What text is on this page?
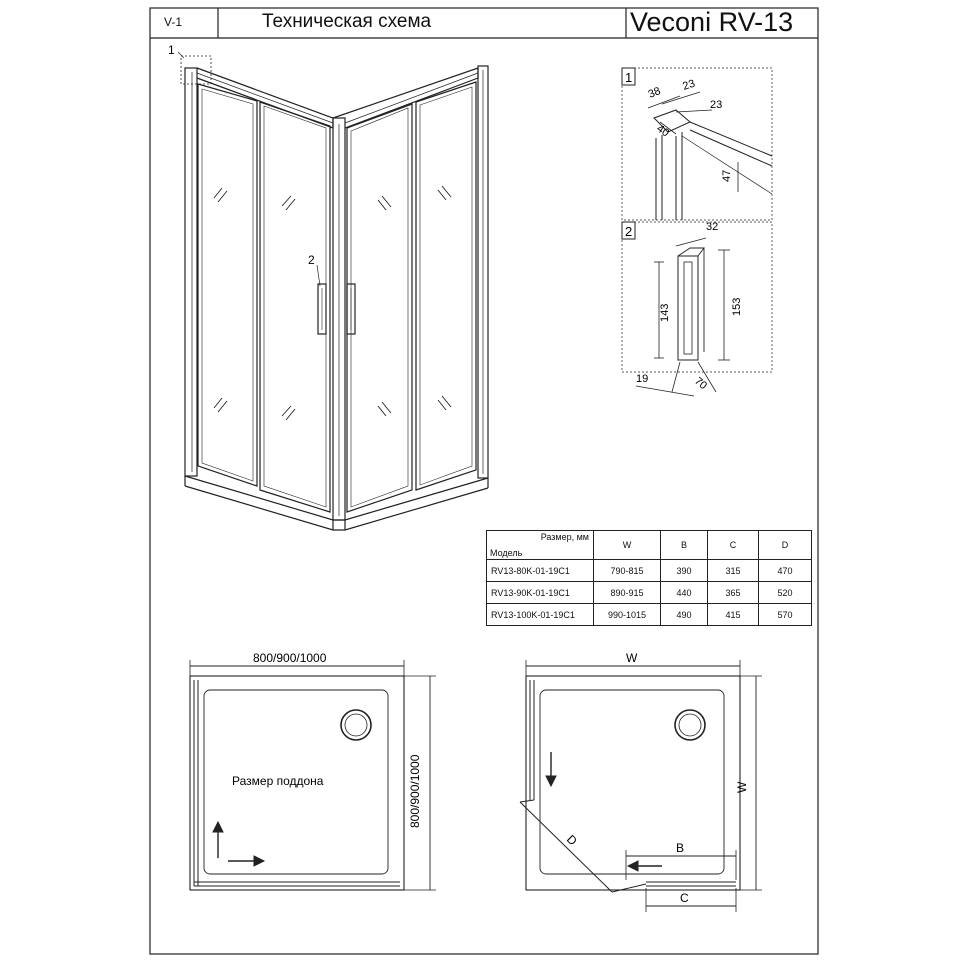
1
2
1
38 23
23
40
47
2	32
143	153
19	70
800/900/1000
800/900/1000
Размер поддона
W
W
B
C
D
V-1	Техническая схема	Veconi RV-13
Размер, мм
Модель	W	B	C	D
RV13-80K-01-19C1	790-815	390	315	470
RV13-90K-01-19C1	890-915	440	365	520
RV13-100K-01-19C1	990-1015	490	415	570
